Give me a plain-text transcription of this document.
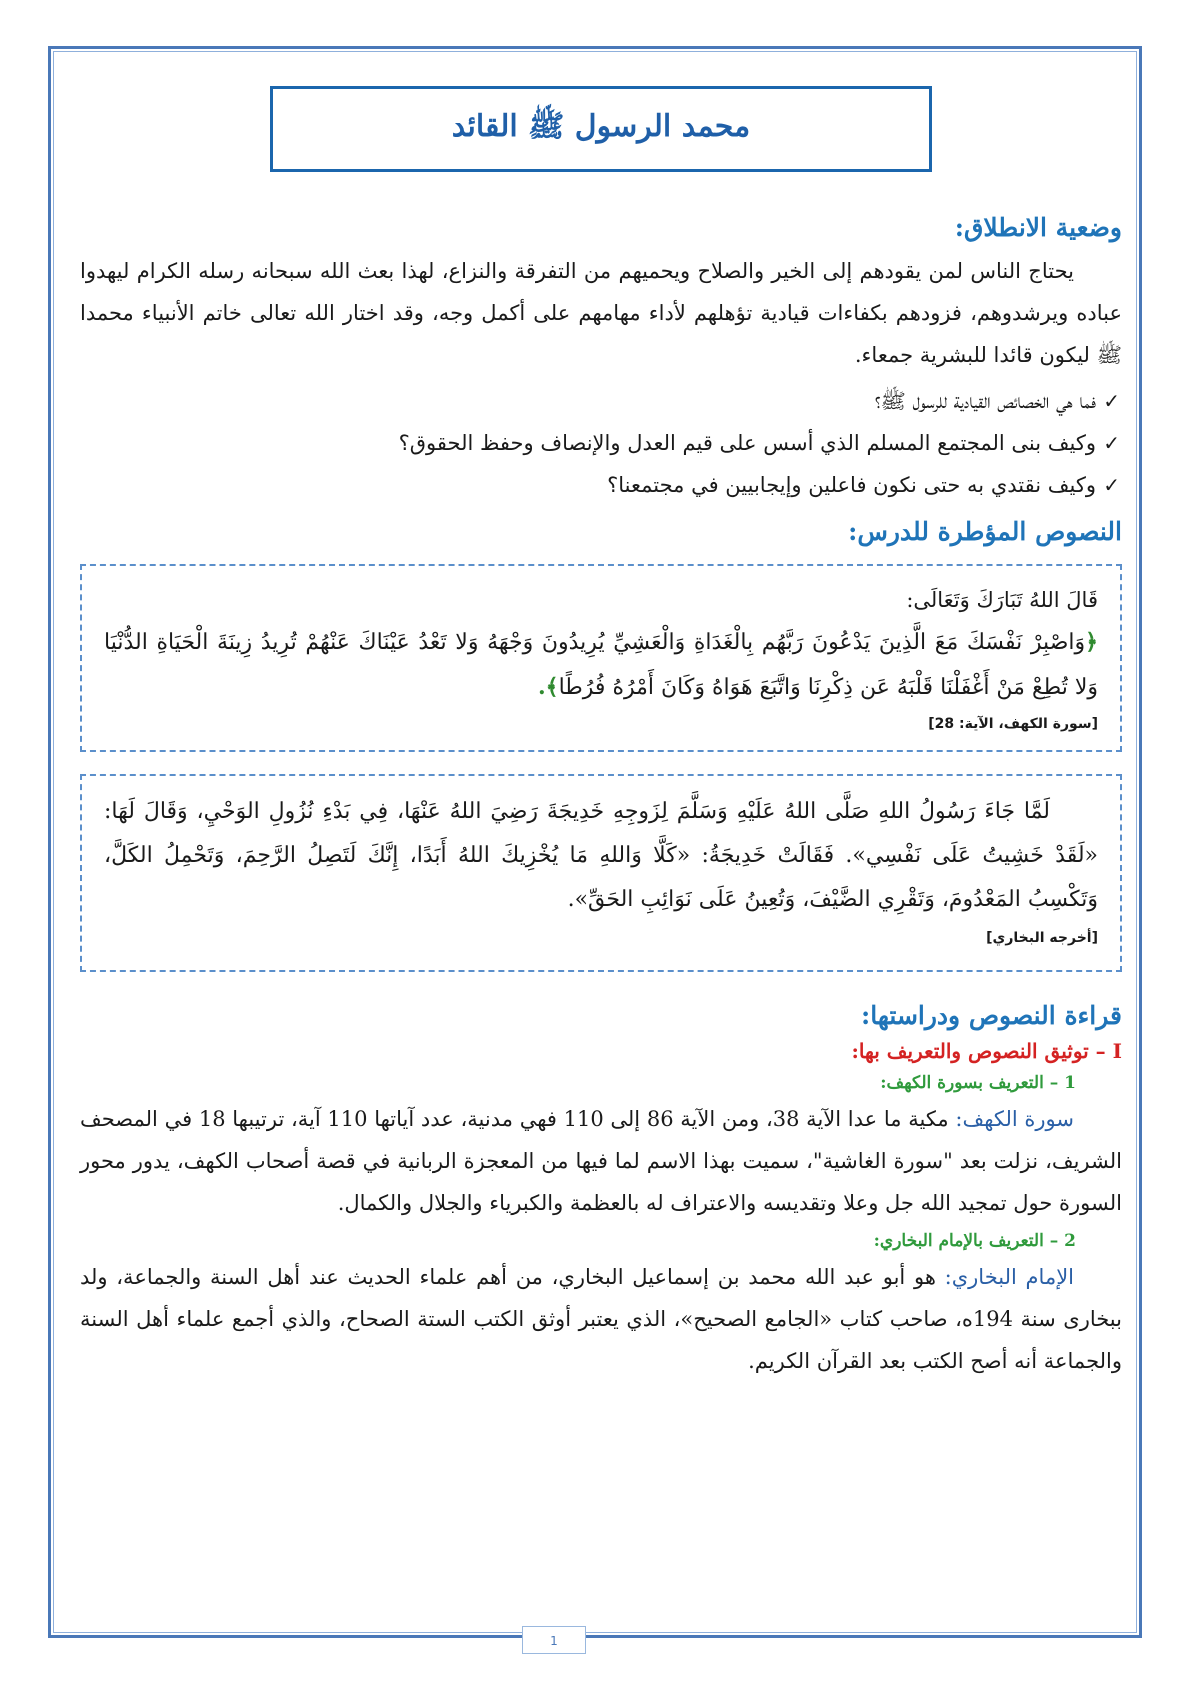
محمد الرسول ﷺ القائد
وضعية الانطلاق:

يحتاج الناس لمن يقودهم إلى الخير والصلاح ويحميهم من التفرقة والنزاع، لهذا بعث الله سبحانه رسله الكرام ليهدوا عباده ويرشدوهم، فزودهم بكفاءات قيادية تؤهلهم لأداء مهامهم على أكمل وجه، وقد اختار الله تعالى خاتم الأنبياء محمدا ﷺ ليكون قائدا للبشرية جمعاء.

✓
فما هي الخصائص القيادية للرسول ﷺ؟
✓
وكيف بنى المجتمع المسلم الذي أسس على قيم العدل والإنصاف وحفظ الحقوق؟
✓
وكيف نقتدي به حتى نكون فاعلين وإيجابيين في مجتمعنا؟
النصوص المؤطرة للدرس:
قَالَ اللهُ تَبَارَكَ وَتَعَالَى:

﴿وَاصْبِرْ نَفْسَكَ مَعَ الَّذِينَ يَدْعُونَ رَبَّهُم بِالْغَدَاةِ وَالْعَشِيِّ يُرِيدُونَ وَجْهَهُ وَلا تَعْدُ عَيْنَاكَ عَنْهُمْ تُرِيدُ زِينَةَ الْحَيَاةِ الدُّنْيَا وَلا تُطِعْ مَنْ أَغْفَلْنَا قَلْبَهُ عَن ذِكْرِنَا وَاتَّبَعَ هَوَاهُ وَكَانَ أَمْرُهُ فُرُطًا﴾.

[سورة الكهف، الآية: 28]

لَمَّا جَاءَ رَسُولُ اللهِ صَلَّى اللهُ عَلَيْهِ وَسَلَّمَ لِزَوجِهِ خَدِيجَةَ رَضِيَ اللهُ عَنْهَا، فِي بَدْءِ نُزُولِ الوَحْيِ، وَقَالَ لَهَا: «لَقَدْ خَشِيتُ عَلَى نَفْسِي». فَقَالَتْ خَدِيجَةُ: «كَلَّا وَاللهِ مَا يُخْزِيكَ اللهُ أَبَدًا، إِنَّكَ لَتَصِلُ الرَّحِمَ، وَتَحْمِلُ الكَلَّ، وَتَكْسِبُ المَعْدُومَ، وَتَقْرِي الضَّيْفَ، وَتُعِينُ عَلَى نَوَائِبِ الحَقِّ».

[أخرجه البخاري]
قراءة النصوص ودراستها:
I – توثيق النصوص والتعريف بها:
1 – التعريف بسورة الكهف:

سورة الكهف: مكية ما عدا الآية 38، ومن الآية 86 إلى 110 فهي مدنية، عدد آياتها 110 آية، ترتيبها 18 في المصحف الشريف، نزلت بعد "سورة الغاشية"، سميت بهذا الاسم لما فيها من المعجزة الربانية في قصة أصحاب الكهف، يدور محور السورة حول تمجيد الله جل وعلا وتقديسه والاعتراف له بالعظمة والكبرياء والجلال والكمال.

2 – التعريف بالإمام البخاري:

الإمام البخاري: هو أبو عبد الله محمد بن إسماعيل البخاري، من أهم علماء الحديث عند أهل السنة والجماعة، ولد ببخارى سنة 194ه، صاحب كتاب «الجامع الصحيح»، الذي يعتبر أوثق الكتب الستة الصحاح، والذي أجمع علماء أهل السنة والجماعة أنه أصح الكتب بعد القرآن الكريم.

1
